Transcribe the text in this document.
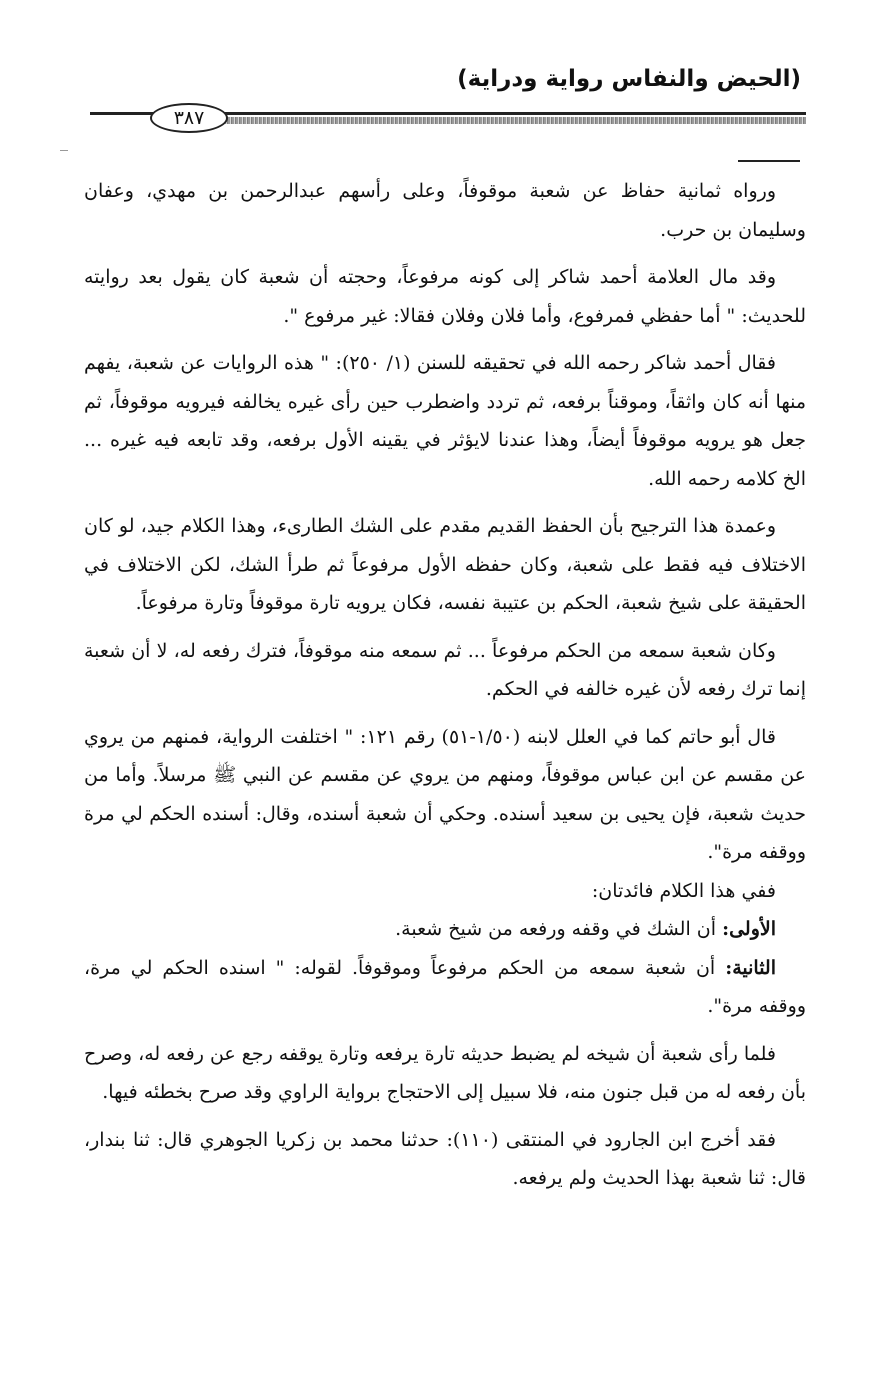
(الحيض والنفاس رواية ودراية)
٣٨٧

ورواه ثمانية حفاظ عن شعبة موقوفاً، وعلى رأسهم عبدالرحمن بن مهدي، وعفان وسليمان بن حرب.

وقد مال العلامة أحمد شاكر إلى كونه مرفوعاً، وحجته أن شعبة كان يقول بعد روايته للحديث: " أما حفظي فمرفوع، وأما فلان وفلان فقالا: غير مرفوع ".

فقال أحمد شاكر رحمه الله في تحقيقه للسنن (١/ ٢٥٠): " هذه الروايات عن شعبة، يفهم منها أنه كان واثقاً، وموقناً برفعه، ثم تردد واضطرب حين رأى غيره يخالفه فيرويه موقوفاً، ثم جعل هو يرويه موقوفاً أيضاً، وهذا عندنا لايؤثر في يقينه الأول برفعه، وقد تابعه فيه غيره ... الخ كلامه رحمه الله.

وعمدة هذا الترجيح بأن الحفظ القديم مقدم على الشك الطارىء، وهذا الكلام جيد، لو كان الاختلاف فيه فقط على شعبة، وكان حفظه الأول مرفوعاً ثم طرأ الشك، لكن الاختلاف في الحقيقة على شيخ شعبة، الحكم بن عتيبة نفسه، فكان يرويه تارة موقوفاً وتارة مرفوعاً.

وكان شعبة سمعه من الحكم مرفوعاً ... ثم سمعه منه موقوفاً، فترك رفعه له، لا أن شعبة إنما ترك رفعه لأن غيره خالفه في الحكم.

قال أبو حاتم كما في العلل لابنه (١/٥٠-٥١) رقم ١٢١: " اختلفت الرواية، فمنهم من يروي عن مقسم عن ابن عباس موقوفاً، ومنهم من يروي عن مقسم عن النبي ﷺ مرسلاً. وأما من حديث شعبة، فإن يحيى بن سعيد أسنده. وحكي أن شعبة أسنده، وقال: أسنده الحكم لي مرة ووقفه مرة".

ففي هذا الكلام فائدتان:

الأولى: أن الشك في وقفه ورفعه من شيخ شعبة.

الثانية: أن شعبة سمعه من الحكم مرفوعاً وموقوفاً. لقوله: " اسنده الحكم لي مرة، ووقفه مرة".

فلما رأى شعبة أن شيخه لم يضبط حديثه تارة يرفعه وتارة يوقفه رجع عن رفعه له، وصرح بأن رفعه له من قبل جنون منه، فلا سبيل إلى الاحتجاج برواية الراوي وقد صرح بخطئه فيها.

فقد أخرج ابن الجارود في المنتقى (١١٠): حدثنا محمد بن زكريا الجوهري قال: ثنا بندار، قال: ثنا شعبة بهذا الحديث ولم يرفعه.
